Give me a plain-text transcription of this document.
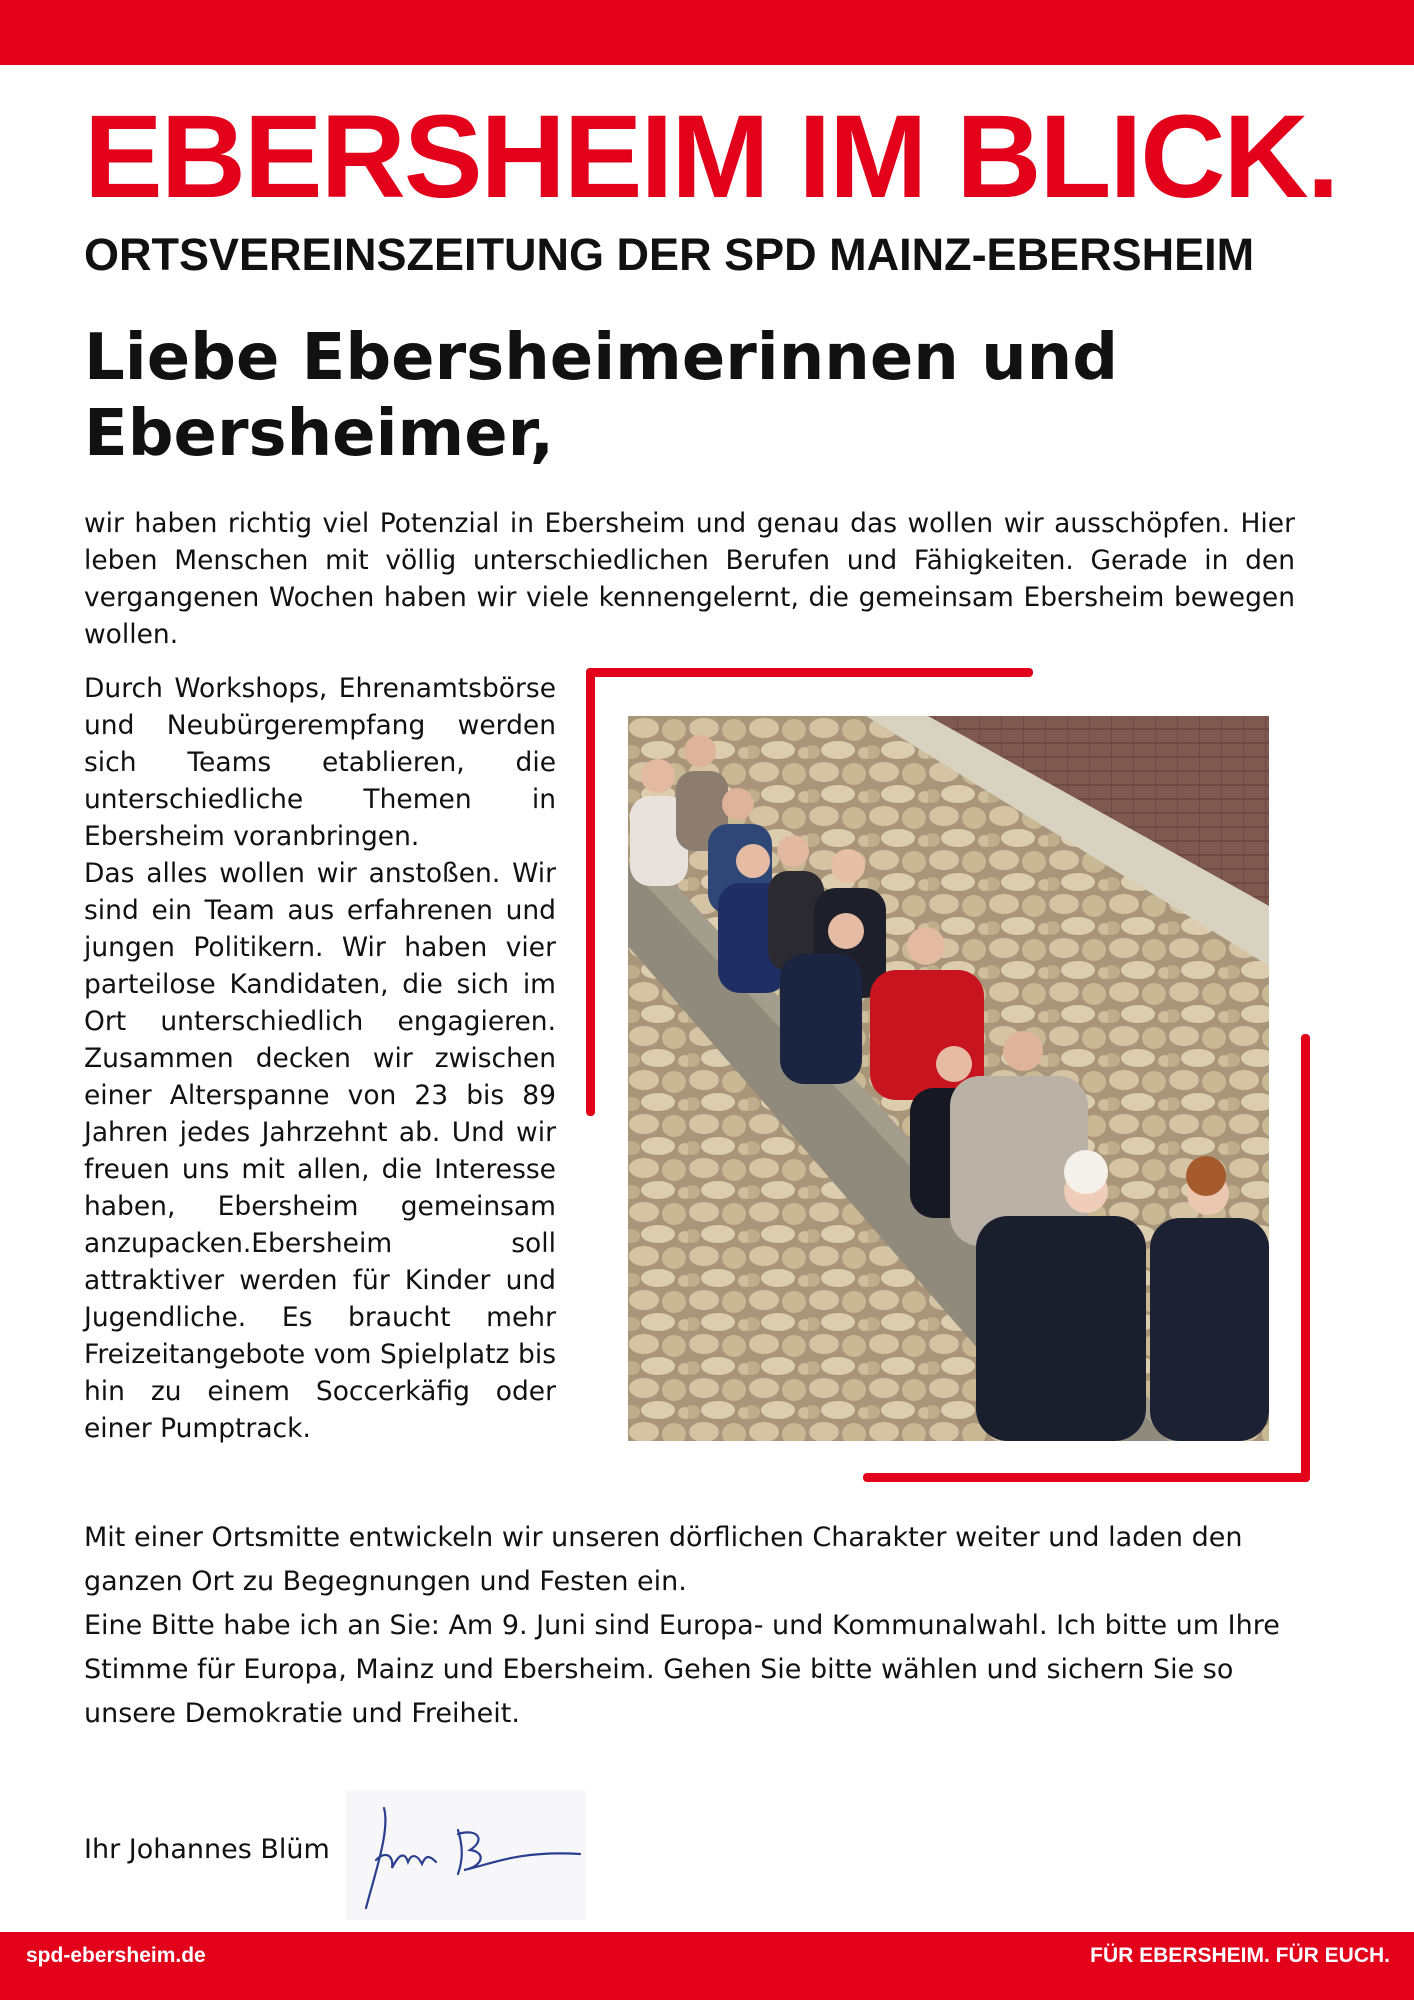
EBERSHEIM IM BLICK.
ORTSVEREINSZEITUNG DER SPD MAINZ-EBERSHEIM
Liebe Ebersheimerinnen und Ebersheimer,

wir haben richtig viel Potenzial in Ebersheim und genau das wollen wir ausschöpfen. Hier leben Menschen mit völlig unterschiedlichen Berufen und Fähigkeiten. Gerade in den vergangenen Wochen haben wir viele kennengelernt, die gemeinsam Ebersheim bewegen wollen.

Durch Workshops, Ehrenamtsbörse und Neubürgerempfang werden sich Teams etablieren, die unterschiedliche Themen in Ebersheim voranbringen.

Das alles wollen wir anstoßen. Wir sind ein Team aus erfahrenen und jungen Politikern. Wir haben vier parteilose Kandidaten, die sich im Ort unterschiedlich engagieren. Zusammen decken wir zwischen einer Alterspanne von 23 bis 89 Jahren jedes Jahrzehnt ab. Und wir freuen uns mit allen, die Interesse haben, Ebersheim gemeinsam anzupacken.Ebersheim soll attraktiver werden für Kinder und Jugendliche. Es braucht mehr Freizeitangebote vom Spielplatz bis hin zu einem Soccerkäfig oder einer Pumptrack.

Mit einer Ortsmitte entwickeln wir unseren dörflichen Charakter weiter und laden den ganzen Ort zu Begegnungen und Festen ein.

Eine Bitte habe ich an Sie: Am 9. Juni sind Europa- und Kommunalwahl. Ich bitte um Ihre Stimme für Europa, Mainz und Ebersheim. Gehen Sie bitte wählen und sichern Sie so unsere Demokratie und Freiheit.

Ihr Johannes Blüm
spd-ebersheim.de	FÜR EBERSHEIM. FÜR EUCH.
